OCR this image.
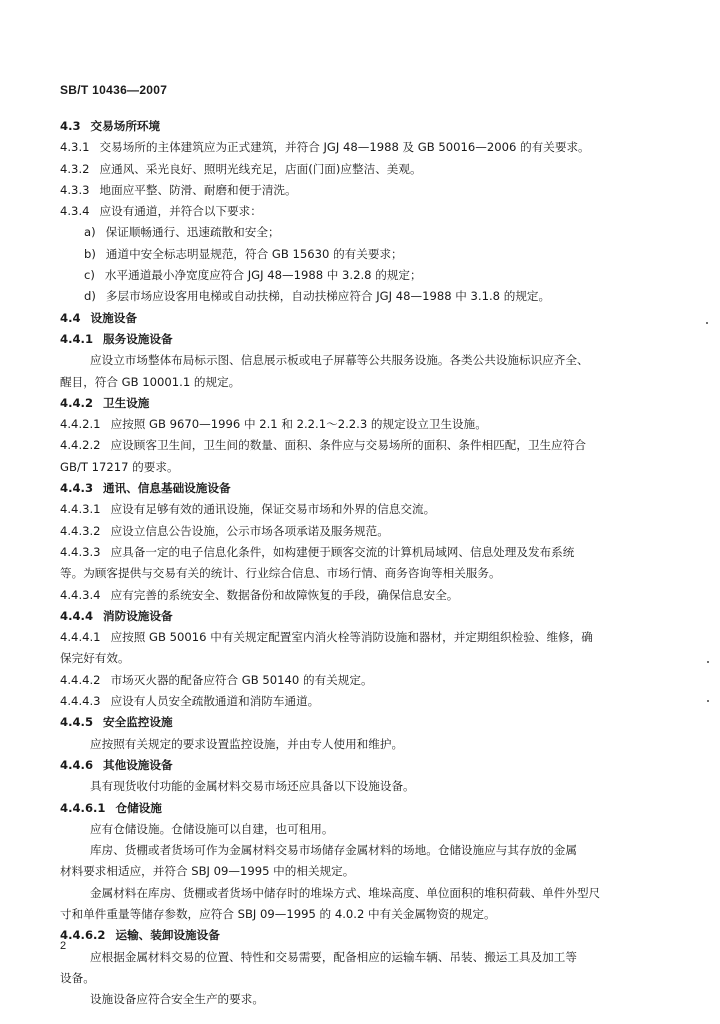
SB/T 10436—2007
4.3 交易场所环境
4.3.1 交易场所的主体建筑应为正式建筑，并符合 JGJ 48—1988 及 GB 50016—2006 的有关要求。
4.3.2 应通风、采光良好、照明光线充足，店面(门面)应整洁、美观。
4.3.3 地面应平整、防滑、耐磨和便于清洗。
4.3.4 应设有通道，并符合以下要求：
a) 保证顺畅通行、迅速疏散和安全；
b) 通道中安全标志明显规范，符合 GB 15630 的有关要求；
c) 水平通道最小净宽度应符合 JGJ 48—1988 中 3.2.8 的规定；
d) 多层市场应设客用电梯或自动扶梯，自动扶梯应符合 JGJ 48—1988 中 3.1.8 的规定。
4.4 设施设备
4.4.1 服务设施设备
应设立市场整体布局标示图、信息展示板或电子屏幕等公共服务设施。各类公共设施标识应齐全、
醒目，符合 GB 10001.1 的规定。
4.4.2 卫生设施
4.4.2.1 应按照 GB 9670—1996 中 2.1 和 2.2.1～2.2.3 的规定设立卫生设施。
4.4.2.2 应设顾客卫生间，卫生间的数量、面积、条件应与交易场所的面积、条件相匹配，卫生应符合
GB/T 17217 的要求。
4.4.3 通讯、信息基础设施设备
4.4.3.1 应设有足够有效的通讯设施，保证交易市场和外界的信息交流。
4.4.3.2 应设立信息公告设施，公示市场各项承诺及服务规范。
4.4.3.3 应具备一定的电子信息化条件，如构建便于顾客交流的计算机局域网、信息处理及发布系统
等。为顾客提供与交易有关的统计、行业综合信息、市场行情、商务咨询等相关服务。
4.4.3.4 应有完善的系统安全、数据备份和故障恢复的手段，确保信息安全。
4.4.4 消防设施设备
4.4.4.1 应按照 GB 50016 中有关规定配置室内消火栓等消防设施和器材，并定期组织检验、维修，确
保完好有效。
4.4.4.2 市场灭火器的配备应符合 GB 50140 的有关规定。
4.4.4.3 应设有人员安全疏散通道和消防车通道。
4.4.5 安全监控设施
应按照有关规定的要求设置监控设施，并由专人使用和维护。
4.4.6 其他设施设备
具有现货收付功能的金属材料交易市场还应具备以下设施设备。
4.4.6.1 仓储设施
应有仓储设施。仓储设施可以自建，也可租用。
库房、货棚或者货场可作为金属材料交易市场储存金属材料的场地。仓储设施应与其存放的金属
材料要求相适应，并符合 SBJ 09—1995 中的相关规定。
金属材料在库房、货棚或者货场中储存时的堆垛方式、堆垛高度、单位面积的堆积荷载、单件外型尺
寸和单件重量等储存参数，应符合 SBJ 09—1995 的 4.0.2 中有关金属物资的规定。
4.4.6.2 运输、装卸设施设备
应根据金属材料交易的位置、特性和交易需要，配备相应的运输车辆、吊装、搬运工具及加工等
设备。
设施设备应符合安全生产的要求。
2
